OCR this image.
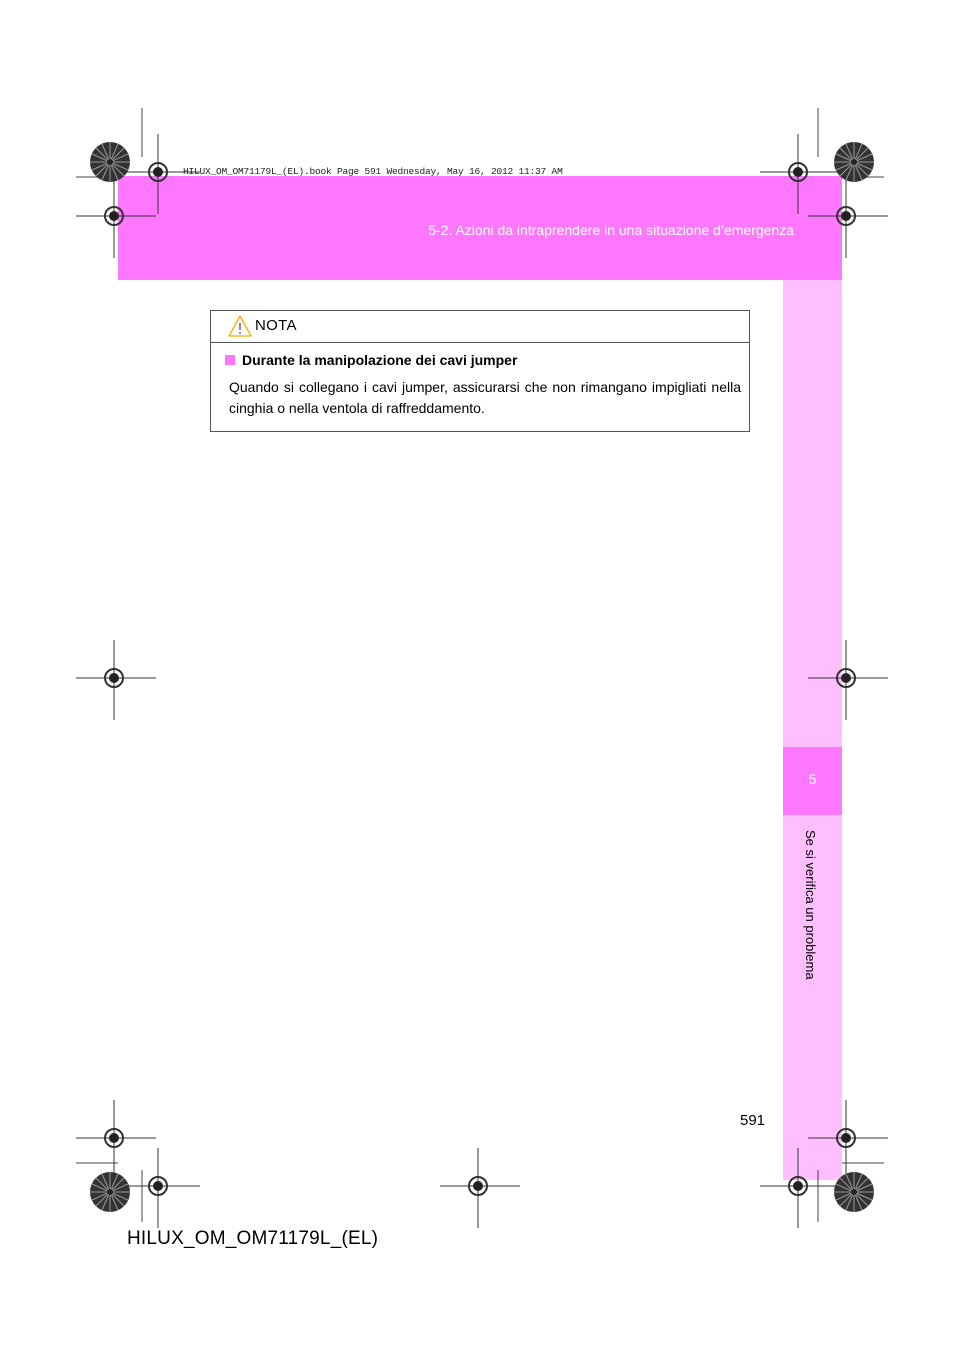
HILUX_OM_OM71179L_(EL).book Page 591 Wednesday, May 16, 2012 11:37 AM
5-2. Azioni da intraprendere in una situazione d’emergenza
5
Se si verifica un problema
NOTA
Durante la manipolazione dei cavi jumper
Quando si collegano i cavi jumper, assicurarsi che non rimangano impigliati nella cinghia o nella ventola di raffreddamento.
591
HILUX_OM_OM71179L_(EL)
